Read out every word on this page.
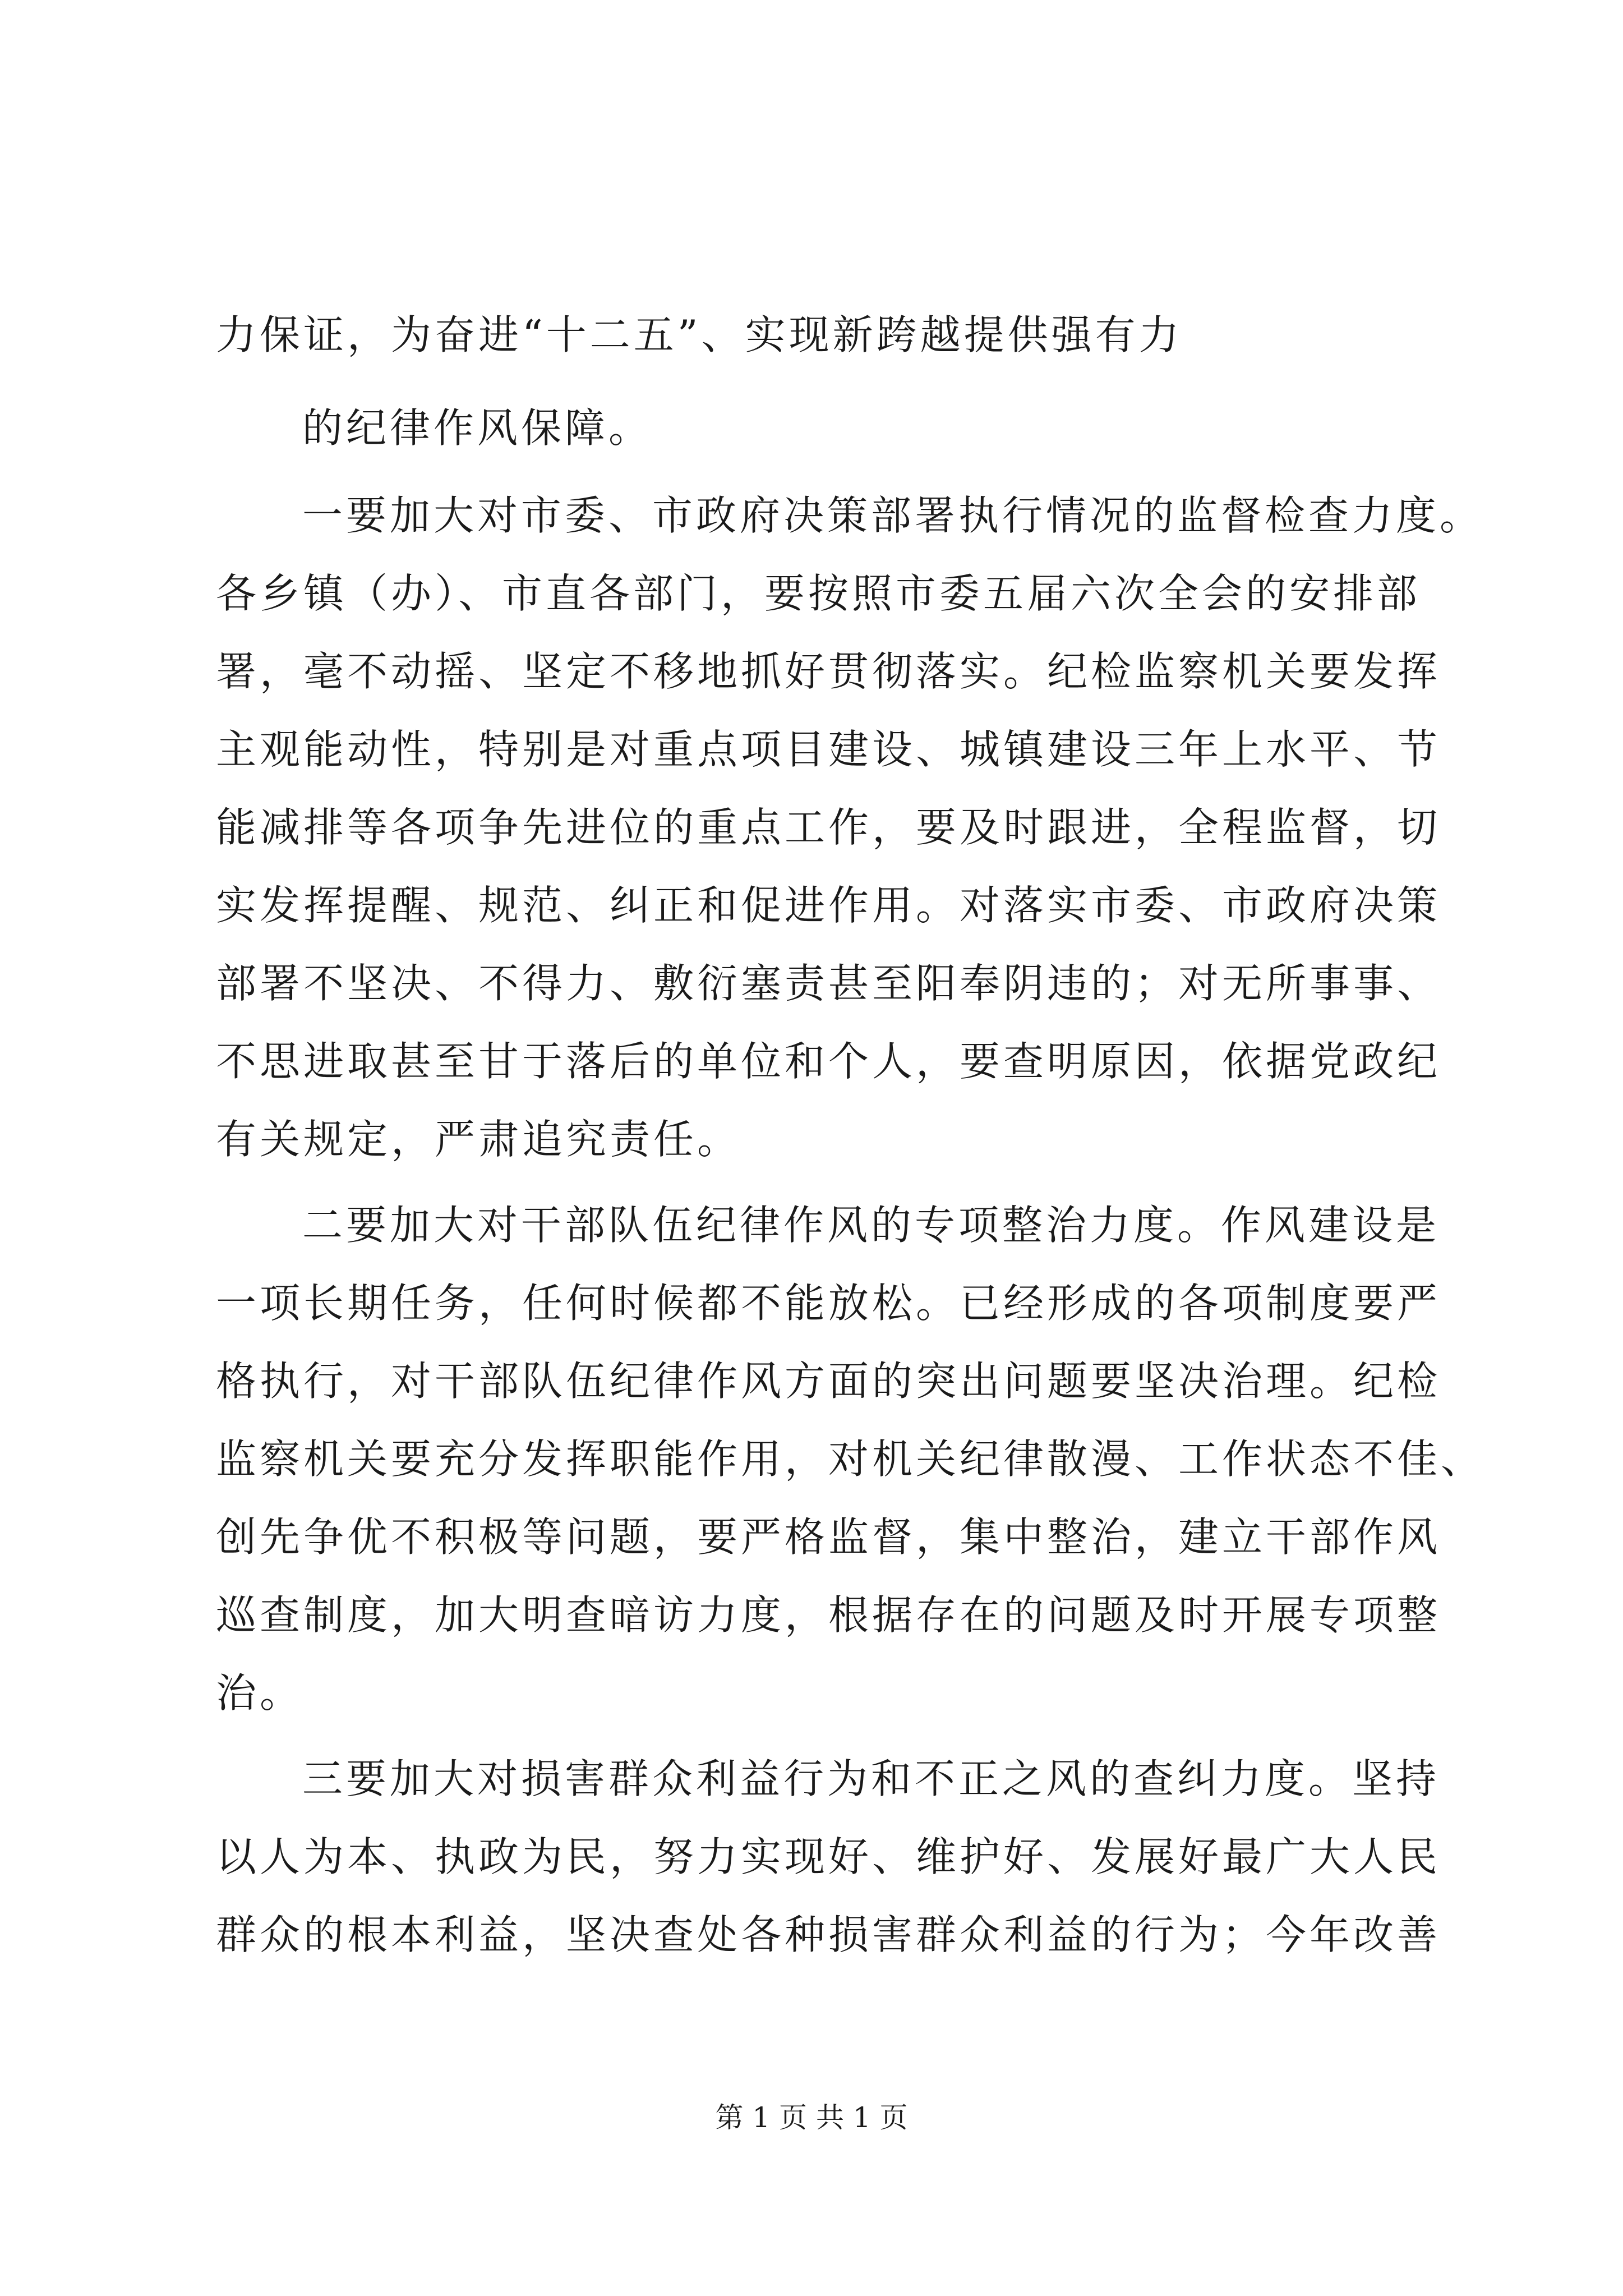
力保证，为奋进“十二五”、实现新跨越提供强有力
的纪律作风保障。
一要加大对市委、市政府决策部署执行情况的监督检查力度。
各乡镇（办）、市直各部门，要按照市委五届六次全会的安排部
署，毫不动摇、坚定不移地抓好贯彻落实。纪检监察机关要发挥
主观能动性，特别是对重点项目建设、城镇建设三年上水平、节
能减排等各项争先进位的重点工作，要及时跟进，全程监督，切
实发挥提醒、规范、纠正和促进作用。对落实市委、市政府决策
部署不坚决、不得力、敷衍塞责甚至阳奉阴违的；对无所事事、
不思进取甚至甘于落后的单位和个人，要查明原因，依据党政纪
有关规定，严肃追究责任。
二要加大对干部队伍纪律作风的专项整治力度。作风建设是
一项长期任务，任何时候都不能放松。已经形成的各项制度要严
格执行，对干部队伍纪律作风方面的突出问题要坚决治理。纪检
监察机关要充分发挥职能作用，对机关纪律散漫、工作状态不佳、
创先争优不积极等问题，要严格监督，集中整治，建立干部作风
巡查制度，加大明查暗访力度，根据存在的问题及时开展专项整
治。
三要加大对损害群众利益行为和不正之风的查纠力度。坚持
以人为本、执政为民，努力实现好、维护好、发展好最广大人民
群众的根本利益，坚决查处各种损害群众利益的行为；今年改善
第 1 页 共 1 页
